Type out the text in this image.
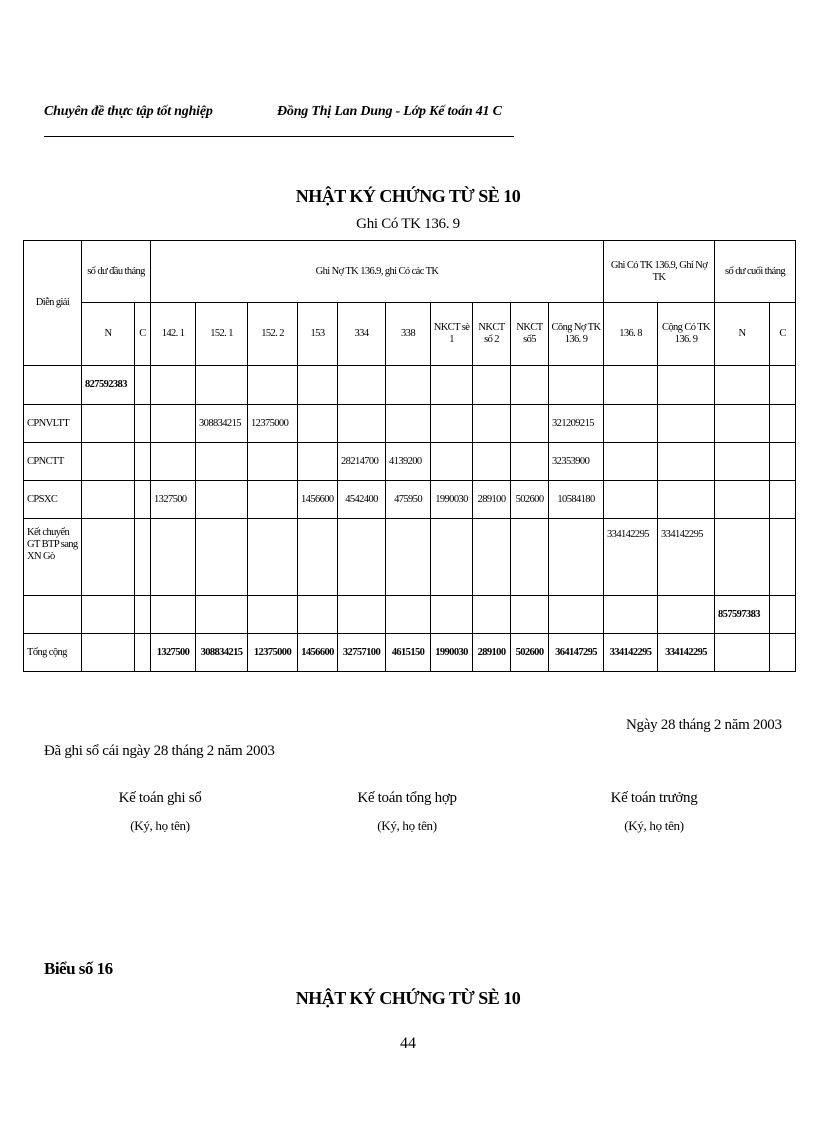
Chuyên đề thực tập tốt nghiệp	Đồng Thị Lan Dung - Lớp Kế toán 41 C
NHẬT KÝ CHỨNG TỪ SÈ 10
Ghi Có TK 136. 9
Diễn giải	số dư đầu tháng		Ghi Nợ TK 136.9, ghi Có các TK										Ghi Có TK 136.9, Ghi Nợ TK		số dư cuối tháng	
	N	C	142. 1	152. 1	152. 2	153	334	338	NKCT sè 1	NKCT số 2	NKCT số5	Công Nợ TK 136. 9	136. 8	Cộng Có TK 136. 9	N	C
	827592383															
CPNVLTT				308834215	12375000							321209215				
CPNCTT							28214700	4139200				32353900				
CPSXC			1327500			1456600	4542400	475950	1990030	289100	502600	10584180				
Kết chuyển GT BTP sang XN Gò													334142295	334142295		
															857597383	
Tổng cộng			1327500	308834215	12375000	1456600	32757100	4615150	1990030	289100	502600	364147295	334142295	334142295		
Ngày 28 tháng 2 năm 2003
Đã ghi sổ cái ngày 28 tháng 2 năm 2003
Kế toán ghi sổ
(Ký, họ tên)
Kế toán tổng hợp
(Ký, họ tên)
Kế toán trưởng
(Ký, họ tên)
Biểu số 16
NHẬT KÝ CHỨNG TỪ SÈ 10
44
